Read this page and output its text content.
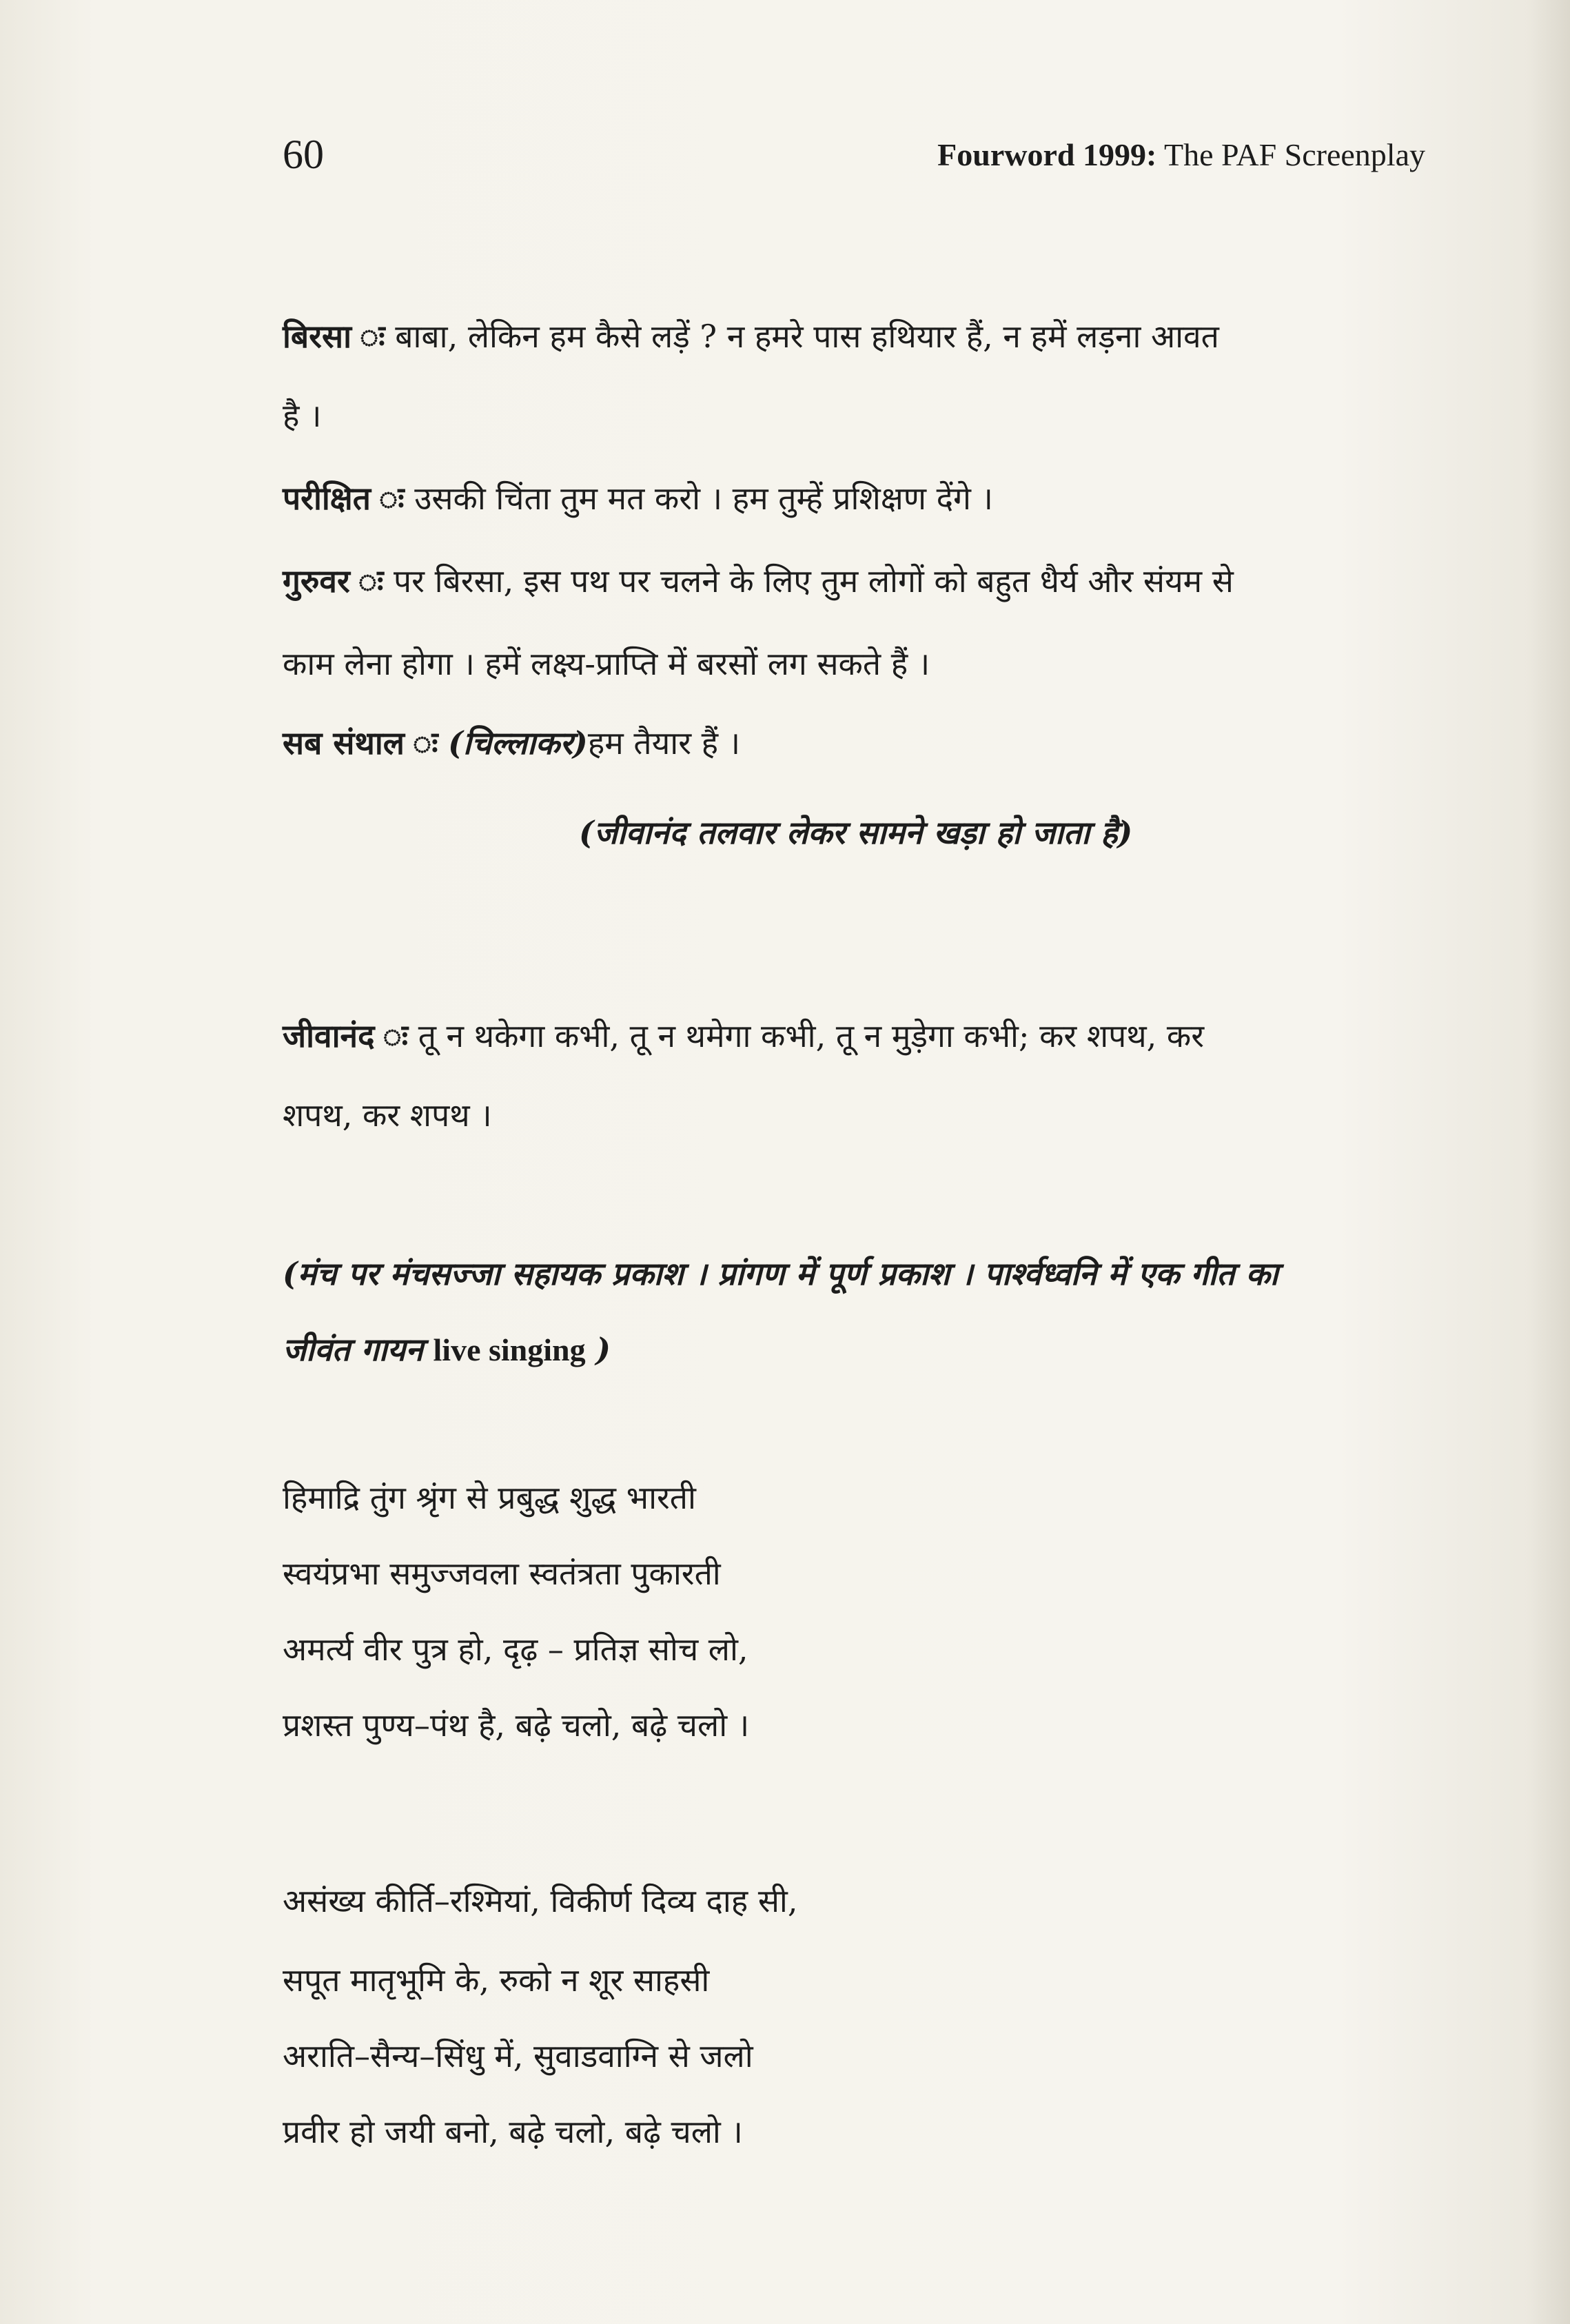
60	Fourword 1999: The PAF Screenplay
बिरसा ः बाबा, लेकिन हम कैसे लड़ें ? न हमरे पास हथियार हैं, न हमें लड़ना आवत
है ।
परीक्षित ः उसकी चिंता तुम मत करो । हम तुम्हें प्रशिक्षण देंगे ।
गुरुवर ः पर बिरसा, इस पथ पर चलने के लिए तुम लोगों को बहुत धैर्य और संयम से
काम लेना होगा । हमें लक्ष्य-प्राप्ति में बरसों लग सकते हैं ।
सब संथाल ः (चिल्लाकर)हम तैयार हैं ।
(जीवानंद तलवार लेकर सामने खड़ा हो जाता है)
जीवानंद ः तू न थकेगा कभी, तू न थमेगा कभी, तू न मुड़ेगा कभी; कर शपथ, कर
शपथ, कर शपथ ।
(मंच पर मंचसज्जा सहायक प्रकाश । प्रांगण में पूर्ण प्रकाश । पार्श्वध्वनि में एक गीत का
जीवंत गायन live singing )
हिमाद्रि तुंग श्रृंग से प्रबुद्ध शुद्ध भारती
स्वयंप्रभा समुज्जवला स्वतंत्रता पुकारती
अमर्त्य वीर पुत्र हो, दृढ़ – प्रतिज्ञ सोच लो,
प्रशस्त पुण्य–पंथ है, बढ़े चलो, बढ़े चलो ।
असंख्य कीर्ति–रश्मियां, विकीर्ण दिव्य दाह सी,
सपूत मातृभूमि के, रुको न शूर साहसी
अराति–सैन्य–सिंधु में, सुवाडवाग्नि से जलो
प्रवीर हो जयी बनो, बढ़े चलो, बढ़े चलो ।
